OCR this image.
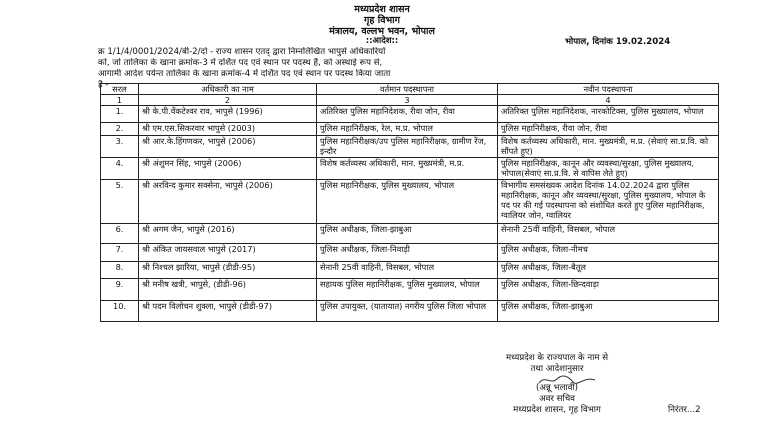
मध्यप्रदेश शासन
गृह विभाग
मंत्रालय, वल्लभ भवन, भोपाल
::आदेश::	भोपाल, दिनांक 19.02.2024
क्र 1/1/4/0001/2024/बी-2/दो - राज्य शासन एतद् द्वारा निम्नलिखित भापुसे अधिकारियों
को, जो तालिका के खाना क्रमांक-3 में दर्शित पद एवं स्थान पर पदस्थ हैं, को अस्थाई रूप से,
आगामी आदेश पर्यन्त तालिका के खाना क्रमांक-4 में दर्शित पद एवं स्थान पर पदस्थ किया जाता
है - सरल	अधिकारी का नाम	वर्तमान पदस्थापना	नवीन पदस्थापना
1	2	3	4
1.	श्री के.पी.वेंकटेश्वर राव, भापुसे (1996)	अतिरिक्त पुलिस महानिदेशक, रीवा जोन, रीवा	अतिरिक्त पुलिस महानिदेशक, नारकोटिक्स, पुलिस मुख्यालय, भोपाल
2.	श्री एम.एस.सिकरवार भापुसे (2003)	पुलिस महानिरीक्षक, रेल, म.प्र. भोपाल	पुलिस महानिरीक्षक, रीवा जोन, रीवा
3.	श्री आर.के.हिंगणकर, भापुसे (2006)	पुलिस महानिरीक्षक/उप पुलिस महानिरीक्षक, ग्रामीण रेंज, इन्दौर	विशेष कर्तव्यस्थ अधिकारी, मान. मुख्यमंत्री, म.प्र. (सेवाएं सा.प्र.वि. को सौंपते हुए)
4.	श्री अंशुमन सिंह, भापुसे (2006)	विशेष कर्तव्यस्थ अधिकारी, मान. मुख्यमंत्री, म.प्र.	पुलिस महानिरीक्षक, कानून और व्यवस्था/सुरक्षा, पुलिस मुख्यालय, भोपाल(सेवाएं सा.प्र.वि. से वापिस लेते हुए)
5.	श्री अरविन्द कुमार सक्सेना, भापुसे (2006)	पुलिस महानिरीक्षक, पुलिस मुख्यालय, भोपाल	विभागीय समसंख्यक आदेश दिनांक 14.02.2024 द्वारा पुलिस महानिरीक्षक, कानून और व्यवस्था/सुरक्षा, पुलिस मुख्यालय, भोपाल के पद पर की गई पदस्थापना को संशोधित करते हुए पुलिस महानिरीक्षक, ग्वालियर जोन, ग्वालियर
6.	श्री अगम जैन, भापुसे (2016)	पुलिस अधीक्षक, जिला-झाबुआ	सेनानी 25वीं वाहिनी, विसबल, भोपाल
7.	श्री अंकित जायसवाल भापुसे (2017)	पुलिस अधीक्षक, जिला-निवाड़ी	पुलिस अधीक्षक, जिला-नीमच
8.	श्री निश्चल झारिया, भापुसे (डीडी-95)	सेनानी 25वीं वाहिनी, विसबल, भोपाल	पुलिस अधीक्षक, जिला-बैतूल
9.	श्री मनीष खत्री, भापुसे, (डीडी-96)	सहायक पुलिस महानिरीक्षक, पुलिस मुख्यालय, भोपाल	पुलिस अधीक्षक, जिला-छिन्दवाड़ा
10.	श्री पदम विलोचन शुक्ला, भापुसे (डीडी-97)	पुलिस उपायुक्त, (यातायात) नगरीय पुलिस जिला भोपाल	पुलिस अधीक्षक, जिला-झाबुआ
मध्यप्रदेश के राज्यपाल के नाम से
तथा आदेशानुसार
(अन्नू भलावी)
अवर सचिव
मध्यप्रदेश शासन, गृह विभाग	निरंतर...2
